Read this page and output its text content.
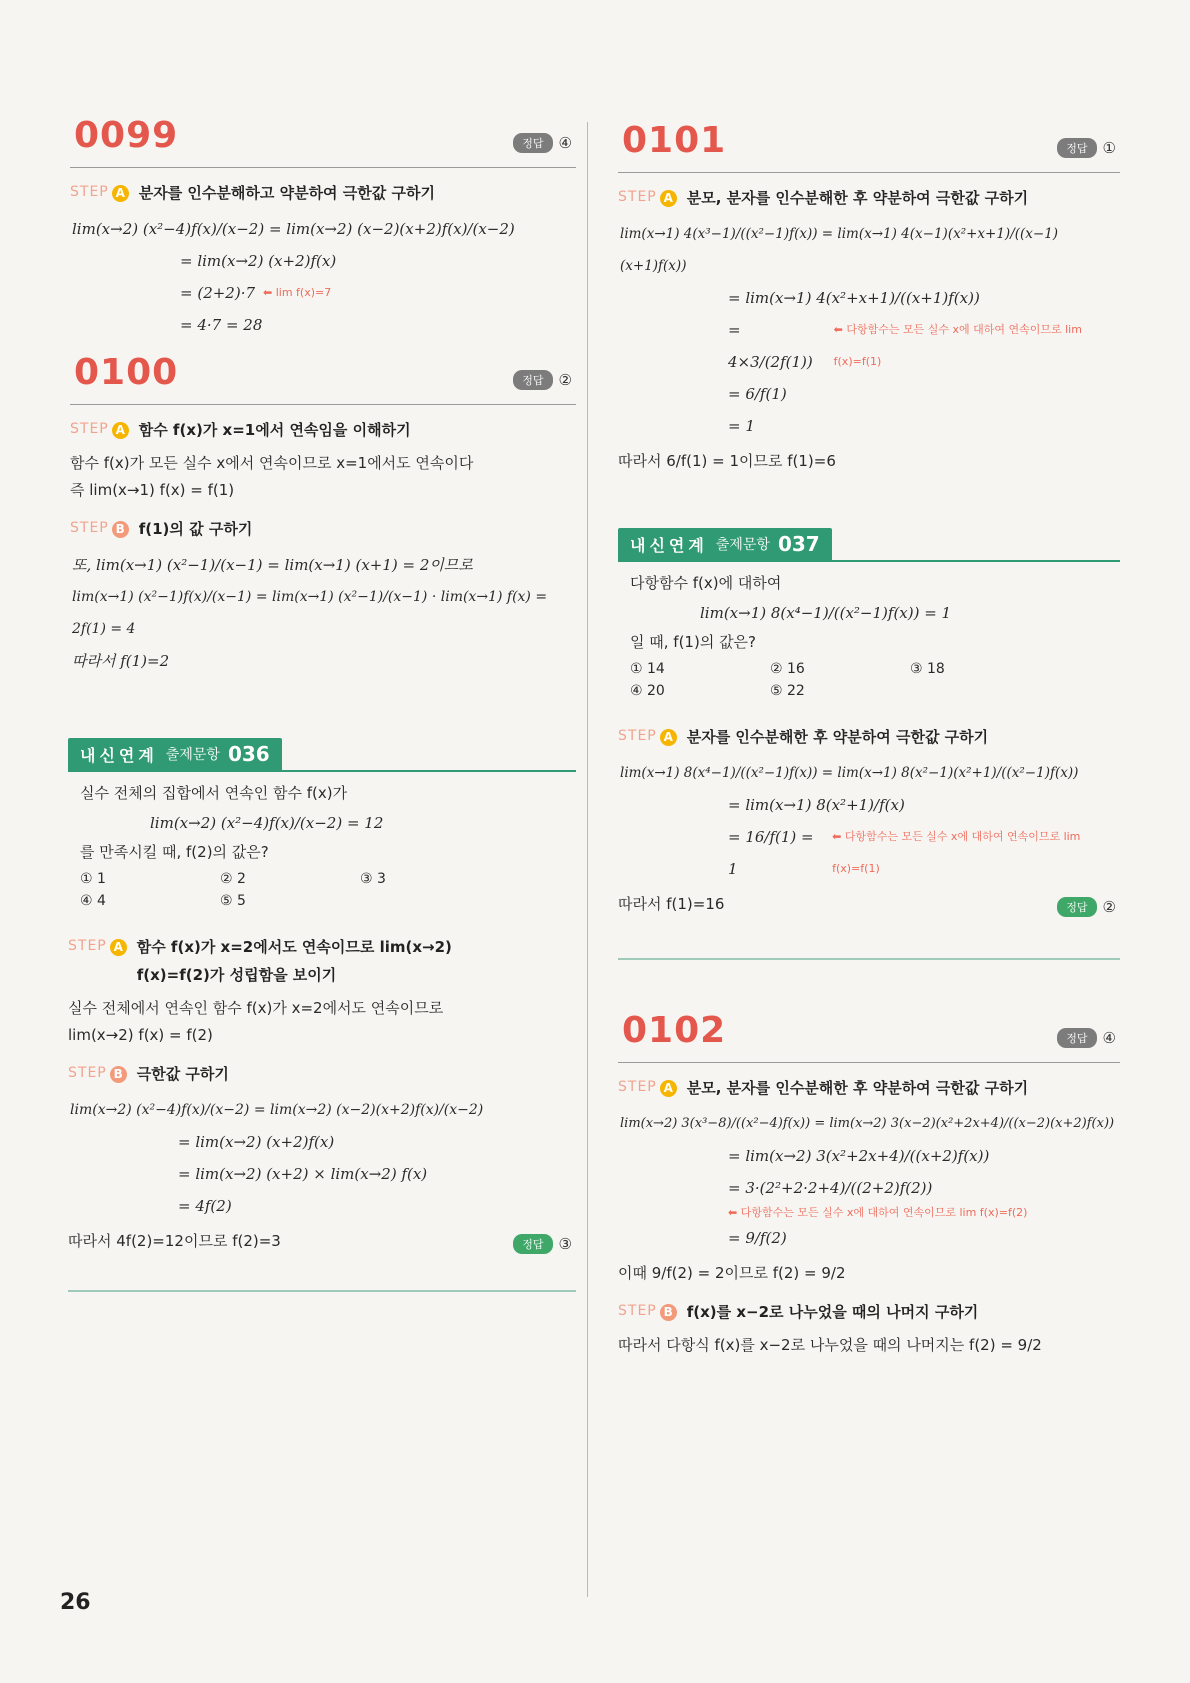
0099	정답	④
STEP A 분자를 인수분해하고 약분하여 극한값 구하기
lim(x→2) (x²−4)f(x)/(x−2) = lim(x→2) (x−2)(x+2)f(x)/(x−2)
= lim(x→2) (x+2)f(x)
= (2+2)·7 ⬅ lim f(x)=7
= 4·7 = 28
0100	정답	②
STEP A 함수 f(x)가 x=1에서 연속임을 이해하기
함수 f(x)가 모든 실수 x에서 연속이므로 x=1에서도 연속이다
즉 lim(x→1) f(x) = f(1)
STEP B f(1)의 값 구하기
또, lim(x→1) (x²−1)/(x−1) = lim(x→1) (x+1) = 2이므로
lim(x→1) (x²−1)f(x)/(x−1) = lim(x→1) (x²−1)/(x−1) · lim(x→1) f(x) = 2f(1) = 4
따라서 f(1)=2
내신연계 출제문항 036
실수 전체의 집합에서 연속인 함수 f(x)가
lim(x→2) (x²−4)f(x)/(x−2) = 12
를 만족시킬 때, f(2)의 값은?
① 1	② 2	③ 3
④ 4	⑤ 5
STEP A 함수 f(x)가 x=2에서도 연속이므로 lim(x→2) f(x)=f(2)가 성립함을 보이기
실수 전체에서 연속인 함수 f(x)가 x=2에서도 연속이므로
lim(x→2) f(x) = f(2)
STEP B 극한값 구하기
lim(x→2) (x²−4)f(x)/(x−2) = lim(x→2) (x−2)(x+2)f(x)/(x−2)
= lim(x→2) (x+2)f(x)
= lim(x→2) (x+2) × lim(x→2) f(x)
= 4f(2)
따라서 4f(2)=12이므로 f(2)=3	정답	③
0101	정답	①
STEP A 분모, 분자를 인수분해한 후 약분하여 극한값 구하기
lim(x→1) 4(x³−1)/((x²−1)f(x)) = lim(x→1) 4(x−1)(x²+x+1)/((x−1)(x+1)f(x))
= lim(x→1) 4(x²+x+1)/((x+1)f(x))
= 4×3/(2f(1))
⬅ 다항함수는 모든 실수 x에 대하여 연속이므로 lim f(x)=f(1)
= 6/f(1)
= 1
따라서 6/f(1) = 1이므로 f(1)=6
내신연계 출제문항 037
다항함수 f(x)에 대하여
lim(x→1) 8(x⁴−1)/((x²−1)f(x)) = 1
일 때, f(1)의 값은?
① 14	② 16	③ 18
④ 20	⑤ 22
STEP A 분자를 인수분해한 후 약분하여 극한값 구하기
lim(x→1) 8(x⁴−1)/((x²−1)f(x)) = lim(x→1) 8(x²−1)(x²+1)/((x²−1)f(x))
= lim(x→1) 8(x²+1)/f(x)
= 16/f(1) = 1
⬅ 다항함수는 모든 실수 x에 대하여 연속이므로 lim f(x)=f(1)
따라서 f(1)=16	정답	②
0102	정답	④
STEP A 분모, 분자를 인수분해한 후 약분하여 극한값 구하기
lim(x→2) 3(x³−8)/((x²−4)f(x)) = lim(x→2) 3(x−2)(x²+2x+4)/((x−2)(x+2)f(x))
= lim(x→2) 3(x²+2x+4)/((x+2)f(x))
= 3·(2²+2·2+4)/((2+2)f(2))
⬅ 다항함수는 모든 실수 x에 대하여 연속이므로 lim f(x)=f(2)
= 9/f(2)
이때 9/f(2) = 2이므로 f(2) = 9/2
STEP B f(x)를 x−2로 나누었을 때의 나머지 구하기
따라서 다항식 f(x)를 x−2로 나누었을 때의 나머지는 f(2) = 9/2
26
